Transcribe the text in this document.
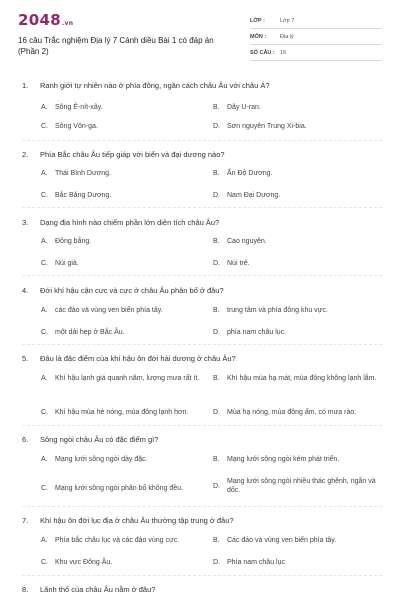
2048.vn
16 câu Trắc nghiệm Địa lý 7 Cánh diều Bài 1 có đáp án (Phần 2)
LỚP :	Lớp 7
MÔN :	Địa lý
SỐ CÂU : 16
1.	Ranh giới tự nhiên nào ở phía đông, ngăn cách châu Âu với châu Á?
A.	Sông Ê-nít-xây.	B.	Dãy U-ran.
C.	Sông Vôn-ga.	D.	Sơn nguyên Trung Xi-bia.
2.	Phía Bắc châu Âu tiếp giáp với biển và đại dương nào?
A.	Thái Bình Dương.	B.	Ấn Độ Dương.
C.	Bắc Băng Dương.	D.	Nam Đại Dương.
3.	Dạng địa hình nào chiếm phần lớn diện tích châu Âu?
A.	Đồng bằng.	B.	Cao nguyên.
C.	Núi già.	D.	Núi trẻ.
4.	Đới khí hậu cận cực và cực ở châu Âu phân bố ở đâu?
A.	các đảo và vùng ven biển phía tây.	B.	trung tâm và phía đông khu vực.
C.	một dải hẹp ở Bắc Âu.	D.	phía nam châu lục.
5.	Đâu là đặc điểm của khí hậu ôn đới hải dương ở châu Âu?
A.	Khí hậu lạnh giá quanh năm, lượng mưa rất ít.	B.	Khí hậu mùa hạ mát, mùa đông không lạnh lắm.
C.	Khí hậu mùa hè nóng, mùa đông lạnh hơn.	D.	Mùa hạ nóng, mùa đông ấm, có mưa rào.
6.	Sông ngòi châu Âu có đặc điểm gì?
A.	Mạng lưới sông ngòi dày đặc.	B.	Mạng lưới sông ngòi kém phát triển.
C.	Mạng lưới sông ngòi phân bố không đều.	D.
Mạng lưới sông ngòi nhiều thác ghềnh, ngắn và dốc.
7.	Khí hậu ôn đới lục địa ở châu Âu thường tập trung ở đâu?
A.	Phía bắc châu lục và các đảo vùng cực.	B.	Các đảo và vùng ven biển phía tây.
C.	Khu vực Đông Âu.	D.	Phía nam châu lục
8.	Lãnh thổ của châu Âu nằm ở đâu?
